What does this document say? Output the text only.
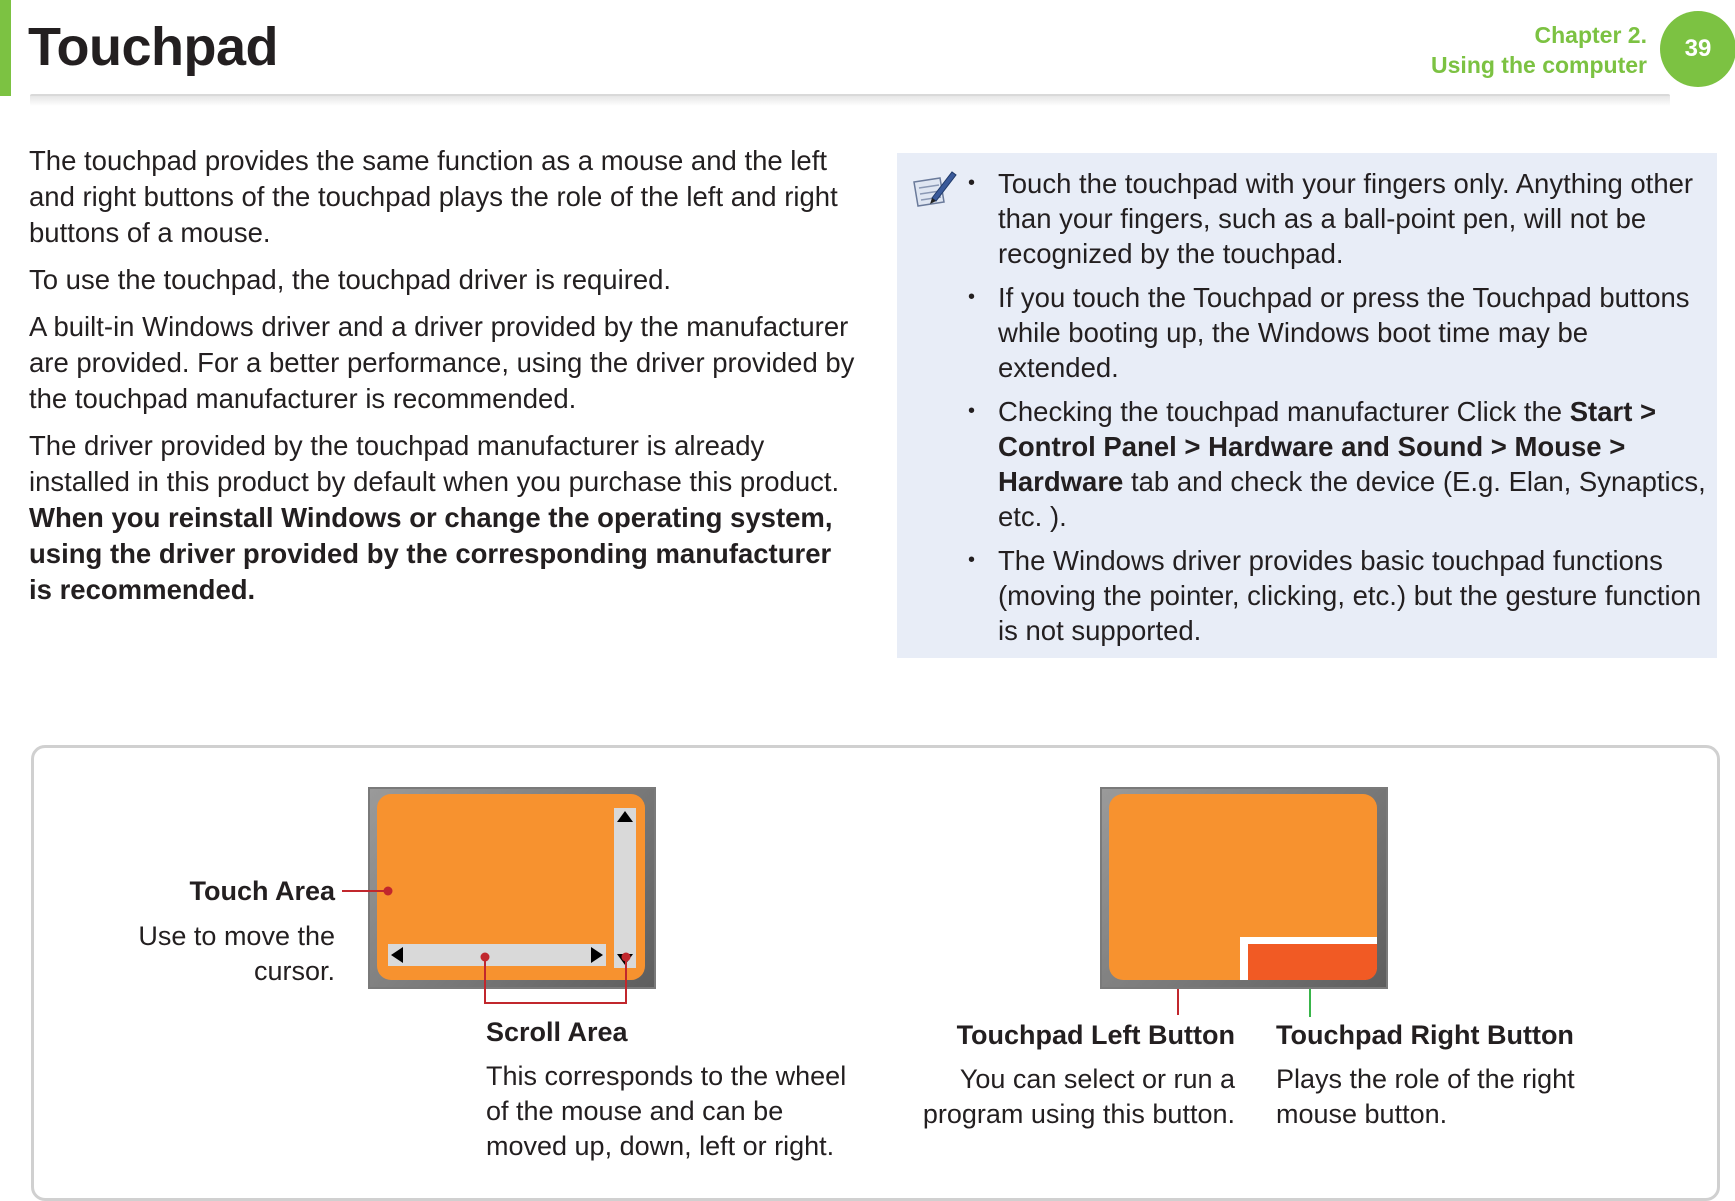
Touchpad	Chapter 2.
Using the computer
39

The touchpad provides the same function as a mouse and the left and right buttons of the touchpad plays the role of the left and right buttons of a mouse.

To use the touchpad, the touchpad driver is required.

A built-in Windows driver and a driver provided by the manufacturer are provided. For a better performance, using the driver provided by the touchpad manufacturer is recommended.

The driver provided by the touchpad manufacturer is already installed in this product by default when you purchase this product. When you reinstall Windows or change the operating system, using the driver provided by the corresponding manufacturer is recommended.

• Touch the touchpad with your fingers only. Anything other than your fingers, such as a ball-point pen, will not be recognized by the touchpad.
• If you touch the Touchpad or press the Touchpad buttons while booting up, the Windows boot time may be extended.
• Checking the touchpad manufacturer Click the Start > Control Panel > Hardware and Sound > Mouse > Hardware tab and check the device (E.g. Elan, Synaptics, etc. ).
• The Windows driver provides basic touchpad functions (moving the pointer, clicking, etc.) but the gesture function is not supported.
Touch Area
Use to move the cursor.
Scroll Area
This corresponds to the wheel of the mouse and can be moved up, down, left or right.
Touchpad Left Button
You can select or run a program using this button.
Touchpad Right Button
Plays the role of the right mouse button.
